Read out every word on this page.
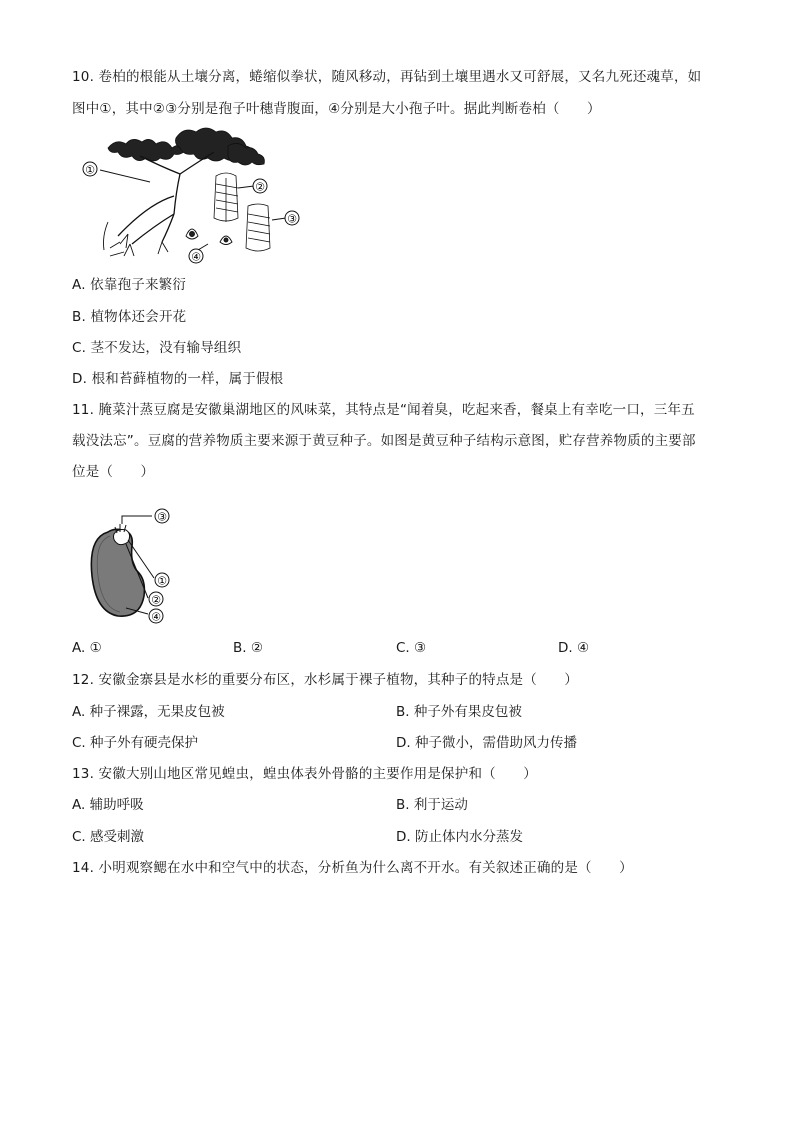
10. 卷柏的根能从土壤分离，蜷缩似拳状，随风移动，再钻到土壤里遇水又可舒展，又名九死还魂草，如
图中①，其中②③分别是孢子叶穗背腹面，④分别是大小孢子叶。据此判断卷柏（　　）
①
②
③
④
A. 依靠孢子来繁衍
B. 植物体还会开花
C. 茎不发达，没有输导组织
D. 根和苔藓植物的一样，属于假根
11. 腌菜汁蒸豆腐是安徽巢湖地区的风味菜，其特点是“闻着臭，吃起来香，餐桌上有幸吃一口，三年五
载没法忘”。豆腐的营养物质主要来源于黄豆种子。如图是黄豆种子结构示意图，贮存营养物质的主要部
位是（　　）
③
①
②
④
A. ①	B. ②	C. ③	D. ④
12. 安徽金寨县是水杉的重要分布区，水杉属于裸子植物，其种子的特点是（　　）
A. 种子裸露，无果皮包被	B. 种子外有果皮包被
C. 种子外有硬壳保护	D. 种子微小，需借助风力传播
13. 安徽大别山地区常见蝗虫，蝗虫体表外骨骼的主要作用是保护和（　　）
A. 辅助呼吸	B. 利于运动
C. 感受刺激	D. 防止体内水分蒸发
14. 小明观察鳃在水中和空气中的状态，分析鱼为什么离不开水。有关叙述正确的是（　　）
